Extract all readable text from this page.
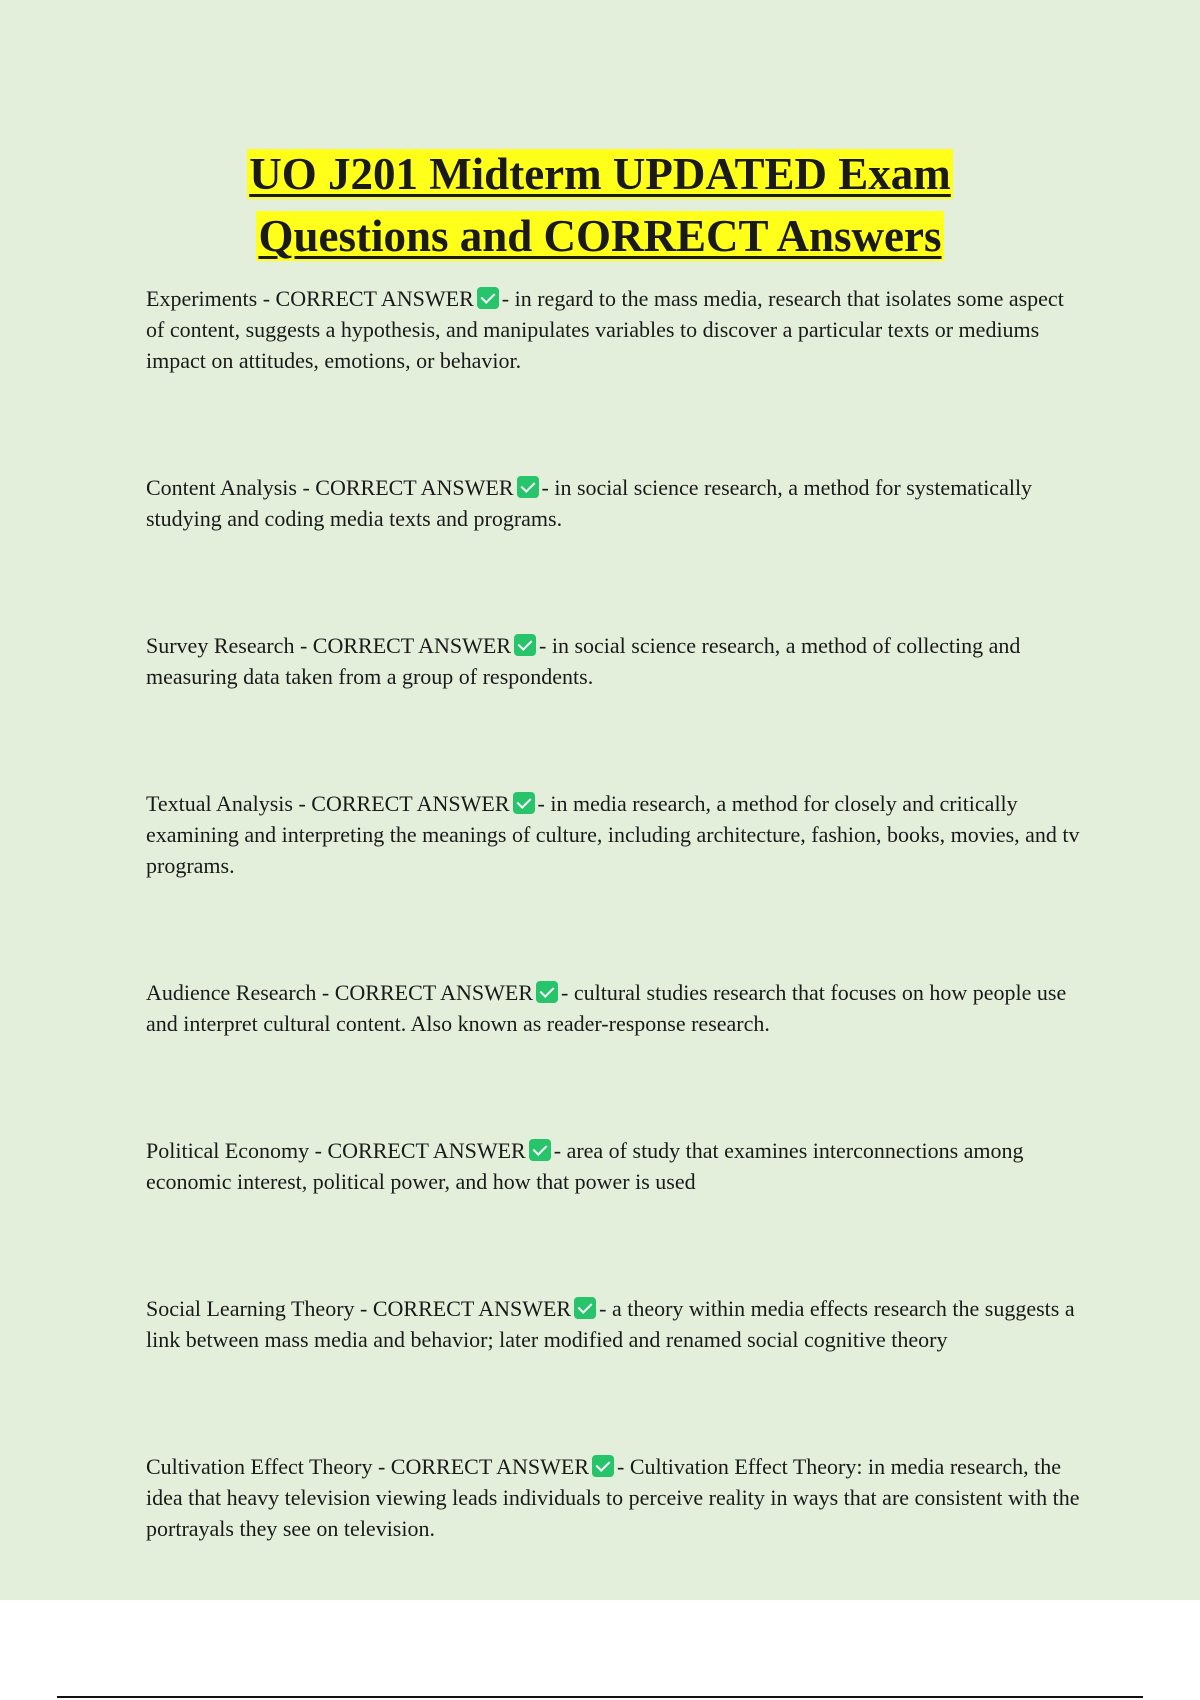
UO J201 Midterm UPDATED Exam
Questions and CORRECT Answers

Experiments - CORRECT ANSWER - in regard to the mass media, research that isolates some aspect of content, suggests a hypothesis, and manipulates variables to discover a particular texts or mediums impact on attitudes, emotions, or behavior.

Content Analysis - CORRECT ANSWER - in social science research, a method for systematically studying and coding media texts and programs.

Survey Research - CORRECT ANSWER - in social science research, a method of collecting and measuring data taken from a group of respondents.

Textual Analysis - CORRECT ANSWER - in media research, a method for closely and critically examining and interpreting the meanings of culture, including architecture, fashion, books, movies, and tv programs.

Audience Research - CORRECT ANSWER - cultural studies research that focuses on how people use and interpret cultural content. Also known as reader-response research.

Political Economy - CORRECT ANSWER - area of study that examines interconnections among economic interest, political power, and how that power is used

Social Learning Theory - CORRECT ANSWER - a theory within media effects research the suggests a link between mass media and behavior; later modified and renamed social cognitive theory

Cultivation Effect Theory - CORRECT ANSWER - Cultivation Effect Theory: in media research, the idea that heavy television viewing leads individuals to perceive reality in ways that are consistent with the portrayals they see on television.
